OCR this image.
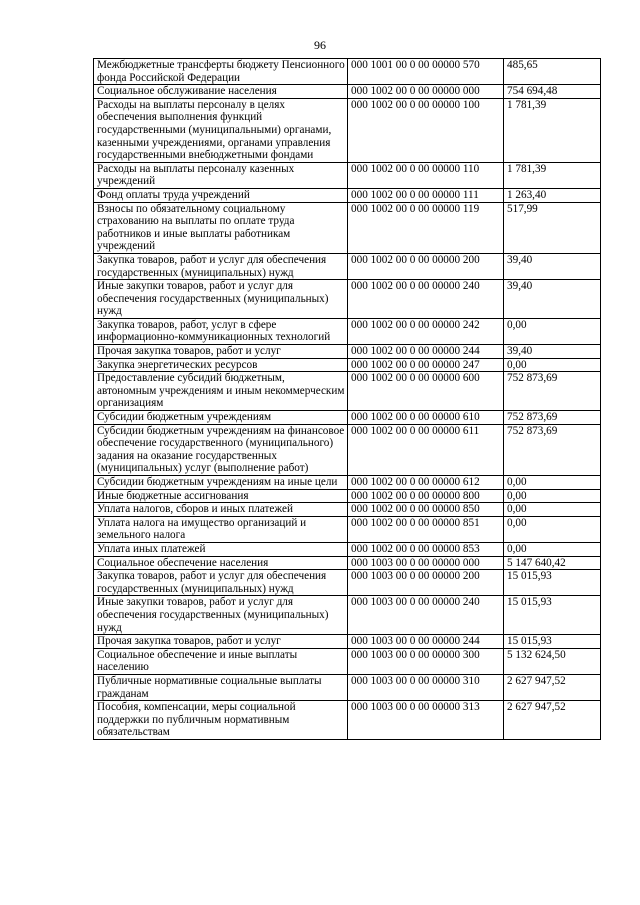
96
Межбюджетные трансферты бюджету Пенсионного фонда Российской Федерации	000 1001 00 0 00 00000 570	485,65
Социальное обслуживание населения	000 1002 00 0 00 00000 000	754 694,48
Расходы на выплаты персоналу в целях обеспечения выполнения функций государственными (муниципальными) органами, казенными учреждениями, органами управления государственными внебюджетными фондами	000 1002 00 0 00 00000 100	1 781,39
Расходы на выплаты персоналу казенных учреждений	000 1002 00 0 00 00000 110	1 781,39
Фонд оплаты труда учреждений	000 1002 00 0 00 00000 111	1 263,40
Взносы по обязательному социальному страхованию на выплаты по оплате труда работников и иные выплаты работникам учреждений	000 1002 00 0 00 00000 119	517,99
Закупка товаров, работ и услуг для обеспечения государственных (муниципальных) нужд	000 1002 00 0 00 00000 200	39,40
Иные закупки товаров, работ и услуг для обеспечения государственных (муниципальных) нужд	000 1002 00 0 00 00000 240	39,40
Закупка товаров, работ, услуг в сфере информационно-коммуникационных технологий	000 1002 00 0 00 00000 242	0,00
Прочая закупка товаров, работ и услуг	000 1002 00 0 00 00000 244	39,40
Закупка энергетических ресурсов	000 1002 00 0 00 00000 247	0,00
Предоставление субсидий бюджетным, автономным учреждениям и иным некоммерческим организациям	000 1002 00 0 00 00000 600	752 873,69
Субсидии бюджетным учреждениям	000 1002 00 0 00 00000 610	752 873,69
Субсидии бюджетным учреждениям на финансовое обеспечение государственного (муниципального) задания на оказание государственных (муниципальных) услуг (выполнение работ)	000 1002 00 0 00 00000 611	752 873,69
Субсидии бюджетным учреждениям на иные цели	000 1002 00 0 00 00000 612	0,00
Иные бюджетные ассигнования	000 1002 00 0 00 00000 800	0,00
Уплата налогов, сборов и иных платежей	000 1002 00 0 00 00000 850	0,00
Уплата налога на имущество организаций и земельного налога	000 1002 00 0 00 00000 851	0,00
Уплата иных платежей	000 1002 00 0 00 00000 853	0,00
Социальное обеспечение населения	000 1003 00 0 00 00000 000	5 147 640,42
Закупка товаров, работ и услуг для обеспечения государственных (муниципальных) нужд	000 1003 00 0 00 00000 200	15 015,93
Иные закупки товаров, работ и услуг для обеспечения государственных (муниципальных) нужд	000 1003 00 0 00 00000 240	15 015,93
Прочая закупка товаров, работ и услуг	000 1003 00 0 00 00000 244	15 015,93
Социальное обеспечение и иные выплаты населению	000 1003 00 0 00 00000 300	5 132 624,50
Публичные нормативные социальные выплаты гражданам	000 1003 00 0 00 00000 310	2 627 947,52
Пособия, компенсации, меры социальной поддержки по публичным нормативным обязательствам	000 1003 00 0 00 00000 313	2 627 947,52
